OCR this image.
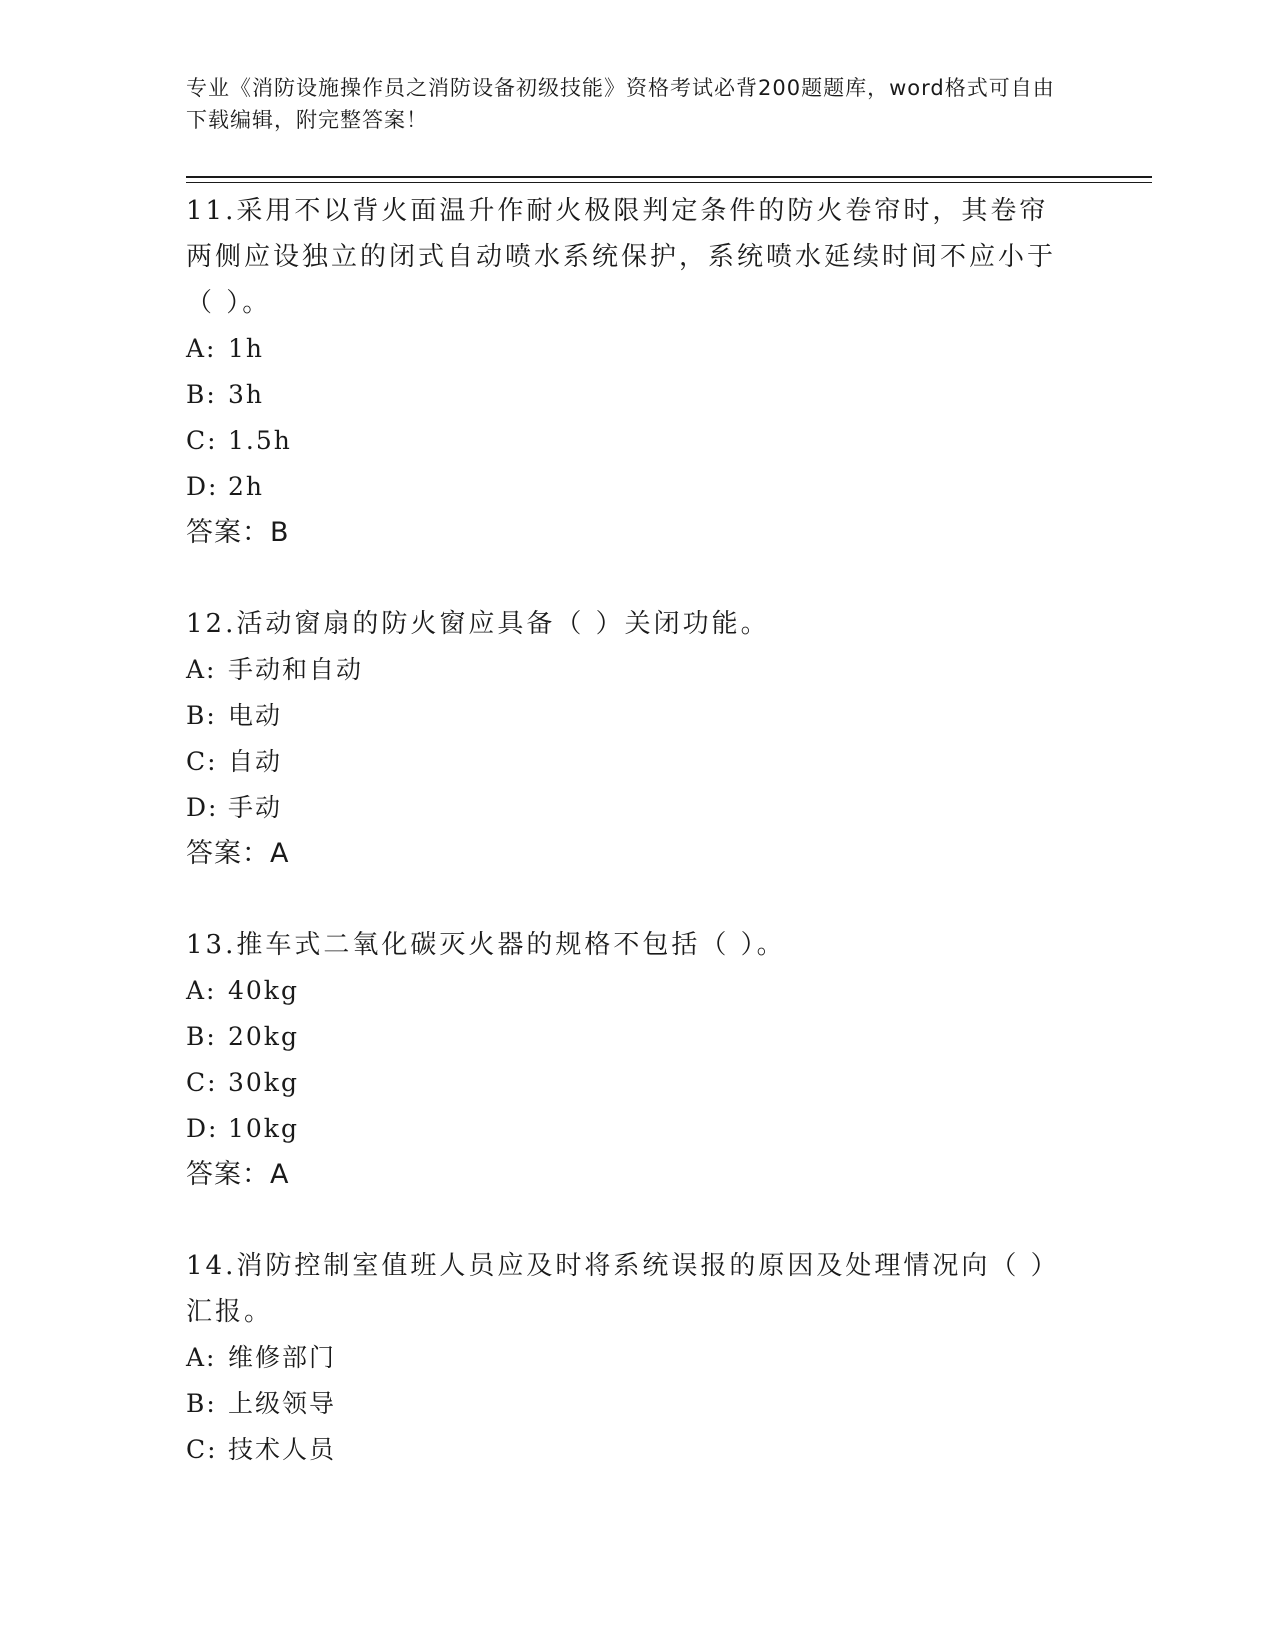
专业《消防设施操作员之消防设备初级技能》资格考试必背200题题库，word格式可自由下载编辑，附完整答案！

11.采用不以背火面温升作耐火极限判定条件的防火卷帘时，其卷帘两侧应设独立的闭式自动喷水系统保护，系统喷水延续时间不应小于（ ）。

A: 1h
B: 3h
C: 1.5h
D: 2h
答案：B

12.活动窗扇的防火窗应具备（ ）关闭功能。

A: 手动和自动
B: 电动
C: 自动
D: 手动
答案：A

13.推车式二氧化碳灭火器的规格不包括（ ）。

A: 40kg
B: 20kg
C: 30kg
D: 10kg
答案：A

14.消防控制室值班人员应及时将系统误报的原因及处理情况向（ ）汇报。

A: 维修部门
B: 上级领导
C: 技术人员
